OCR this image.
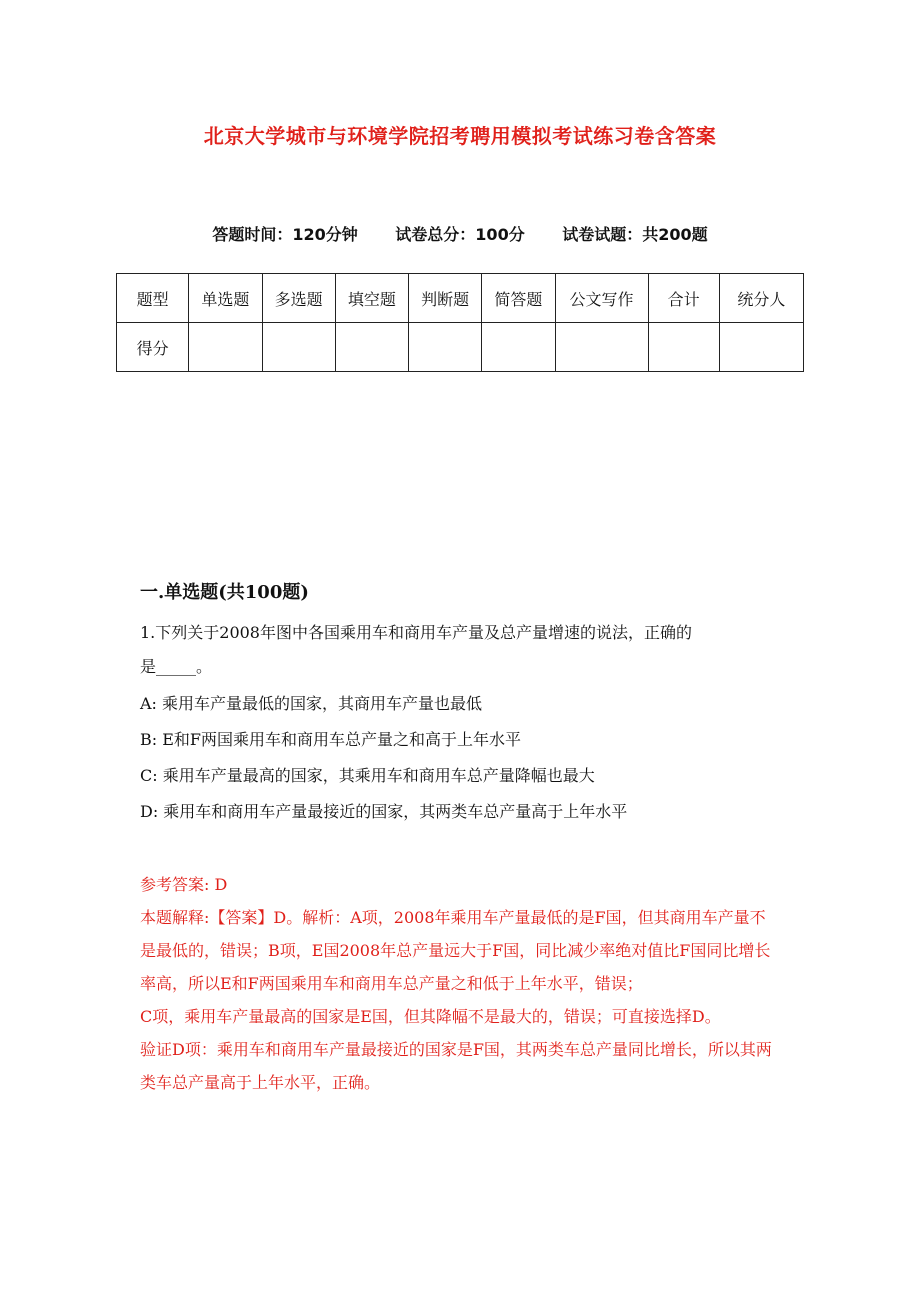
北京大学城市与环境学院招考聘用模拟考试练习卷含答案
答题时间：120分钟 试卷总分：100分 试卷试题：共200题
题型	单选题	多选题	填空题	判断题	简答题	公文写作	合计	统分人
得分								
一.单选题(共100题)
1.下列关于2008年图中各国乘用车和商用车产量及总产量增速的说法，正确的
是_____。
A: 乘用车产量最低的国家，其商用车产量也最低
B: E和F两国乘用车和商用车总产量之和高于上年水平
C: 乘用车产量最高的国家，其乘用车和商用车总产量降幅也最大
D: 乘用车和商用车产量最接近的国家，其两类车总产量高于上年水平

参考答案: D

本题解释:【答案】D。解析：A项，2008年乘用车产量最低的是F国，但其商用车产量不是最低的，错误；B项，E国2008年总产量远大于F国，同比减少率绝对值比F国同比增长率高，所以E和F两国乘用车和商用车总产量之和低于上年水平，错误；

C项，乘用车产量最高的国家是E国，但其降幅不是最大的，错误；可直接选择D。

验证D项：乘用车和商用车产量最接近的国家是F国，其两类车总产量同比增长，所以其两类车总产量高于上年水平，正确。
